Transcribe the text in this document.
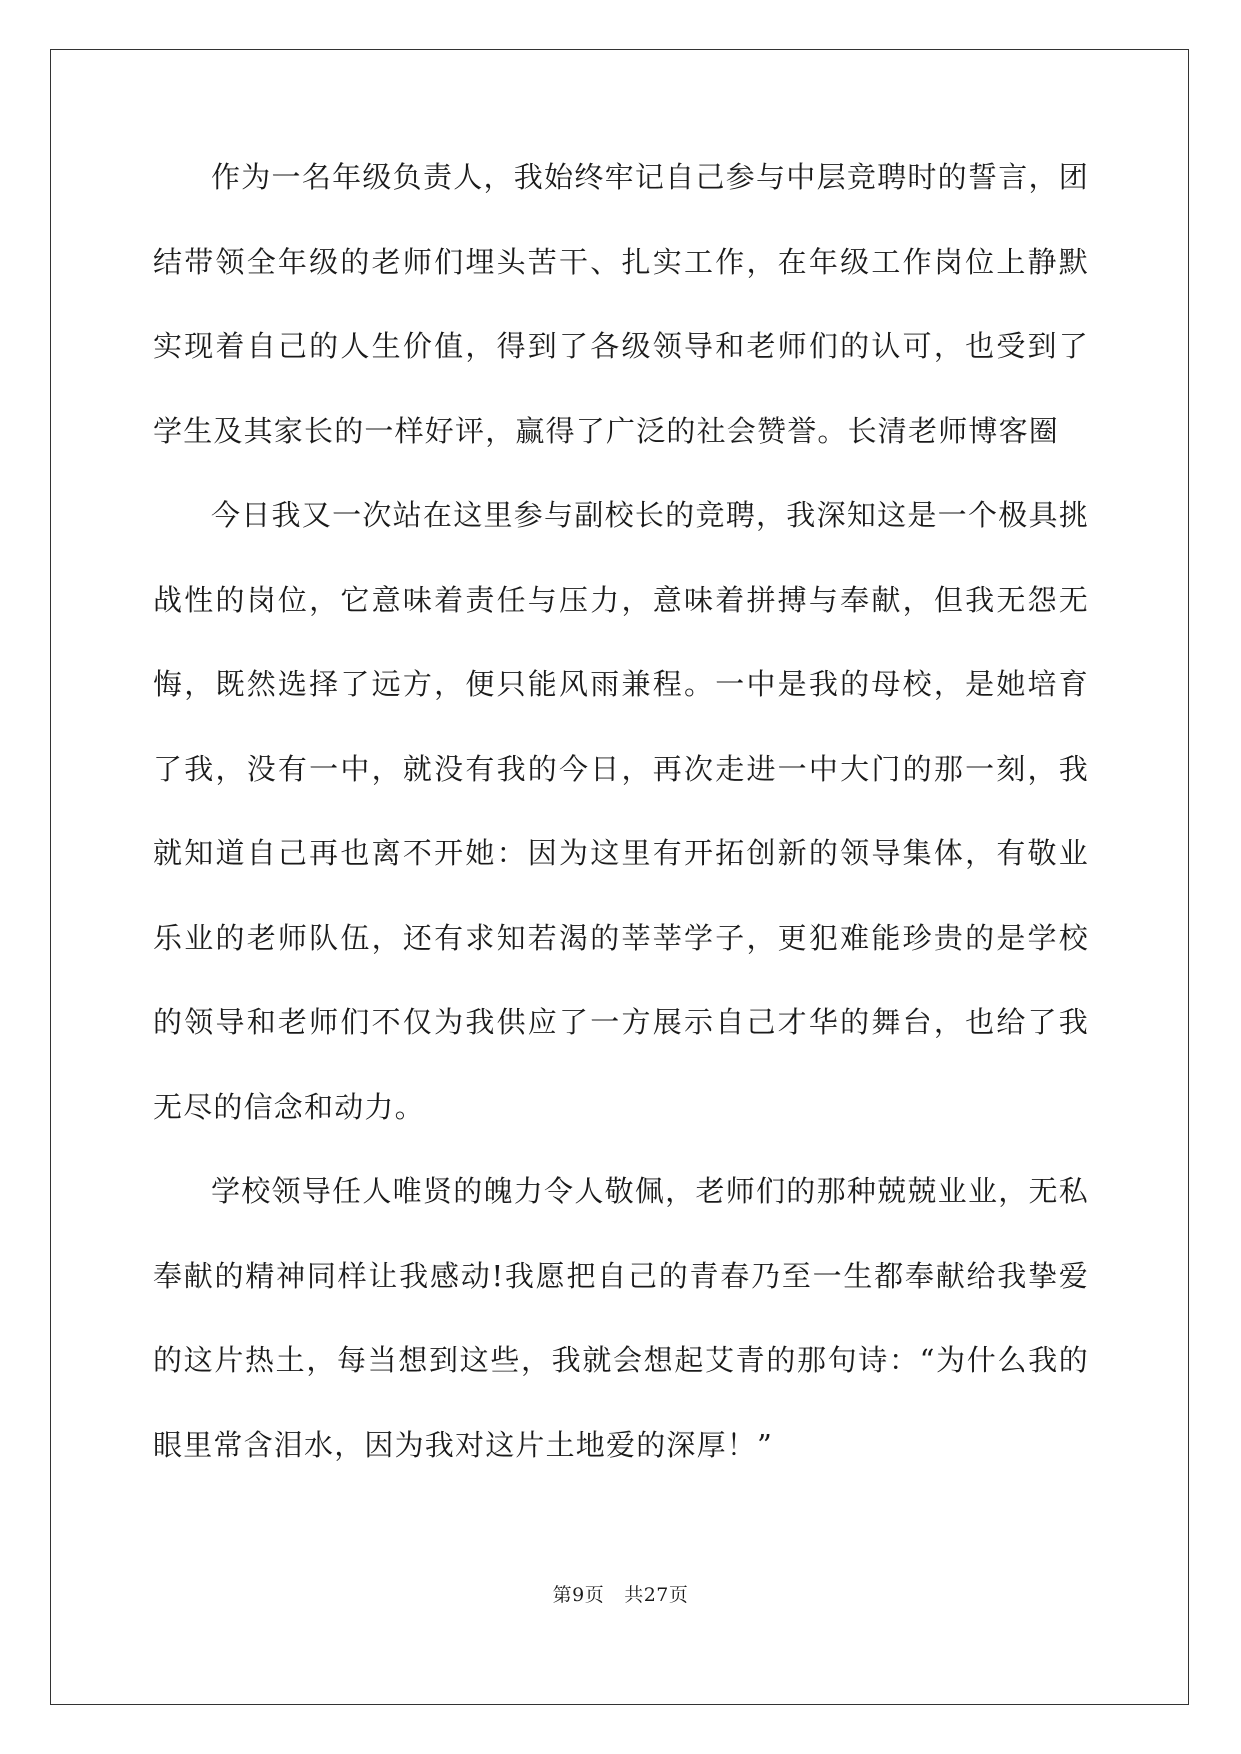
作为一名年级负责人，我始终牢记自己参与中层竞聘时的誓言，团结带领全年级的老师们埋头苦干、扎实工作，在年级工作岗位上静默实现着自己的人生价值，得到了各级领导和老师们的认可，也受到了学生及其家长的一样好评，赢得了广泛的社会赞誉。长清老师博客圈

今日我又一次站在这里参与副校长的竞聘，我深知这是一个极具挑战性的岗位，它意味着责任与压力，意味着拼搏与奉献，但我无怨无悔，既然选择了远方，便只能风雨兼程。一中是我的母校，是她培育了我，没有一中，就没有我的今日，再次走进一中大门的那一刻，我就知道自己再也离不开她：因为这里有开拓创新的领导集体，有敬业乐业的老师队伍，还有求知若渴的莘莘学子，更犯难能珍贵的是学校的领导和老师们不仅为我供应了一方展示自己才华的舞台，也给了我无尽的信念和动力。

学校领导任人唯贤的魄力令人敬佩，老师们的那种兢兢业业，无私奉献的精神同样让我感动!我愿把自己的青春乃至一生都奉献给我挚爱的这片热土，每当想到这些，我就会想起艾青的那句诗：“为什么我的眼里常含泪水，因为我对这片土地爱的深厚！”

第9页 共27页
